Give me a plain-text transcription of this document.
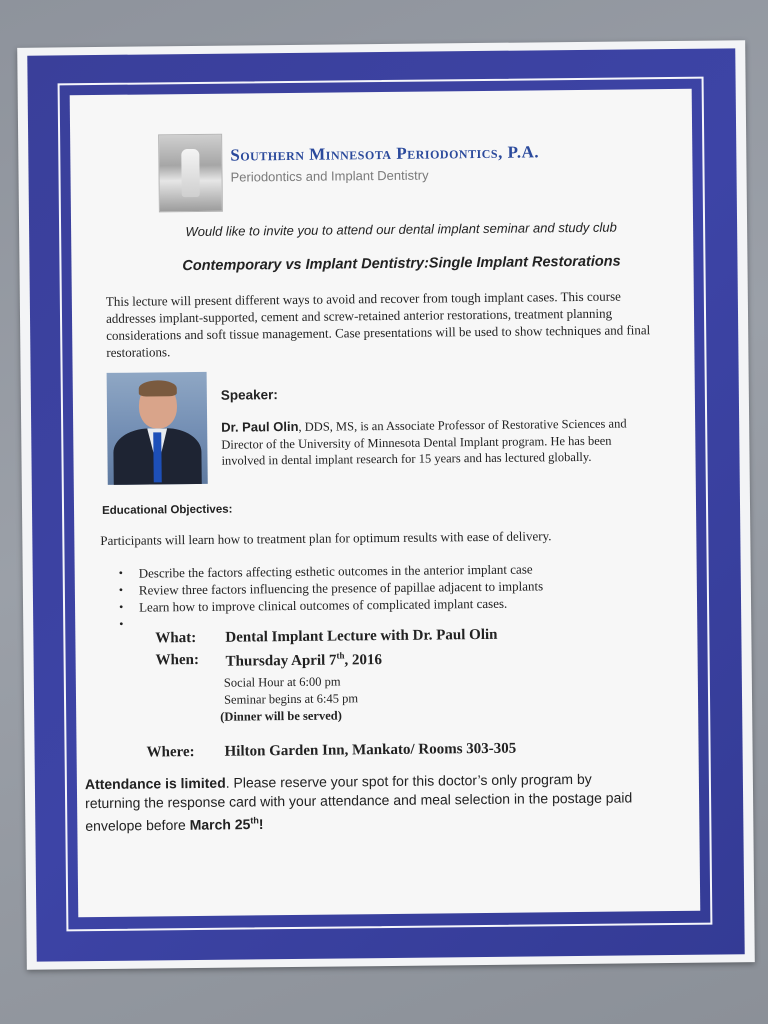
Southern Minnesota Periodontics, P.A.
Periodontics and Implant Dentistry
Would like to invite you to attend our dental implant seminar and study club
Contemporary vs Implant Dentistry:Single Implant Restorations
This lecture will present different ways to avoid and recover from tough implant cases. This course addresses implant-supported, cement and screw-retained anterior restorations, treatment planning considerations and soft tissue management. Case presentations will be used to show techniques and final restorations.
Speaker:
Dr. Paul Olin, DDS, MS, is an Associate Professor of Restorative Sciences and Director of the University of Minnesota Dental Implant program. He has been involved in dental implant research for 15 years and has lectured globally.
Educational Objectives:
Participants will learn how to treatment plan for optimum results with ease of delivery.
• Describe the factors affecting esthetic outcomes in the anterior implant case
• Review three factors influencing the presence of papillae adjacent to implants
• Learn how to improve clinical outcomes of complicated implant cases.
•
What: Dental Implant Lecture with Dr. Paul Olin
When: Thursday April 7th, 2016
Social Hour at 6:00 pm
Seminar begins at 6:45 pm
(Dinner will be served)
Where: Hilton Garden Inn, Mankato/ Rooms 303-305
Attendance is limited. Please reserve your spot for this doctor’s only program by returning the response card with your attendance and meal selection in the postage paid envelope before March 25th!
